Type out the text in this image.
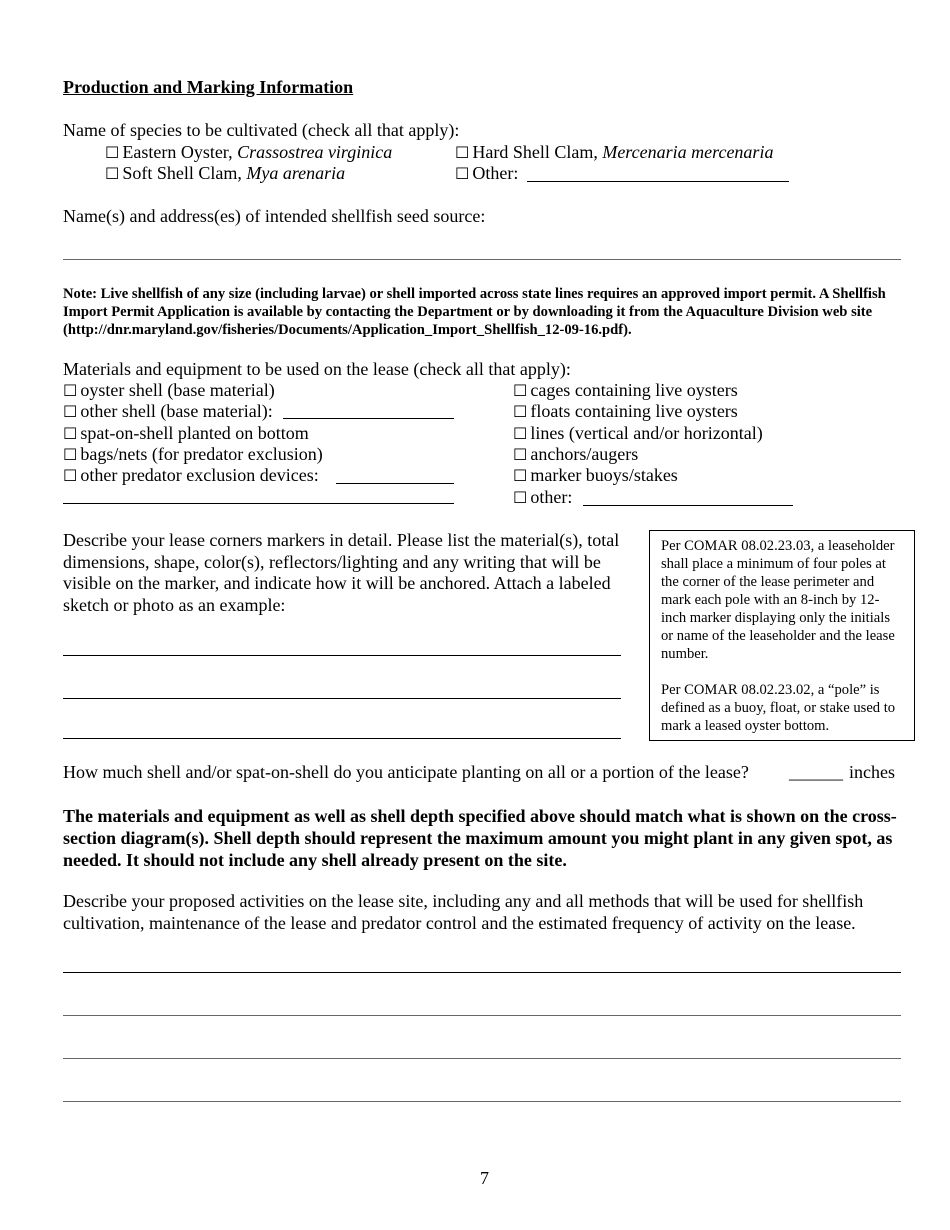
Production and Marking Information
Name of species to be cultivated (check all that apply):
☐ Eastern Oyster, Crassostrea virginica	☐ Hard Shell Clam, Mercenaria mercenaria
☐ Soft Shell Clam, Mya arenaria	☐ Other:
Name(s) and address(es) of intended shellfish seed source:
Note: Live shellfish of any size (including larvae) or shell imported across state lines requires an approved import permit. A Shellfish Import Permit Application is available by contacting the Department or by downloading it from the Aquaculture Division web site (http://dnr.maryland.gov/fisheries/Documents/Application_Import_Shellfish_12-09-16.pdf).
Materials and equipment to be used on the lease (check all that apply):
☐ oyster shell (base material)
☐ other shell (base material):
☐ spat-on-shell planted on bottom
☐ bags/nets (for predator exclusion)
☐ other predator exclusion devices:
☐ cages containing live oysters
☐ floats containing live oysters
☐ lines (vertical and/or horizontal)
☐ anchors/augers
☐ marker buoys/stakes
☐ other:
Describe your lease corners markers in detail. Please list the material(s), total dimensions, shape, color(s), reflectors/lighting and any writing that will be visible on the marker, and indicate how it will be anchored. Attach a labeled sketch or photo as an example:

Per COMAR 08.02.23.03, a leaseholder shall place a minimum of four poles at the corner of the lease perimeter and mark each pole with an 8-inch by 12-inch marker displaying only the initials or name of the leaseholder and the lease number.

Per COMAR 08.02.23.02, a “pole” is defined as a buoy, float, or stake used to mark a leased oyster bottom.

How much shell and/or spat-on-shell do you anticipate planting on all or a portion of the lease? ______ inches
The materials and equipment as well as shell depth specified above should match what is shown on the cross-section diagram(s). Shell depth should represent the maximum amount you might plant in any given spot, as needed. It should not include any shell already present on the site.
Describe your proposed activities on the lease site, including any and all methods that will be used for shellfish cultivation, maintenance of the lease and predator control and the estimated frequency of activity on the lease.
7
